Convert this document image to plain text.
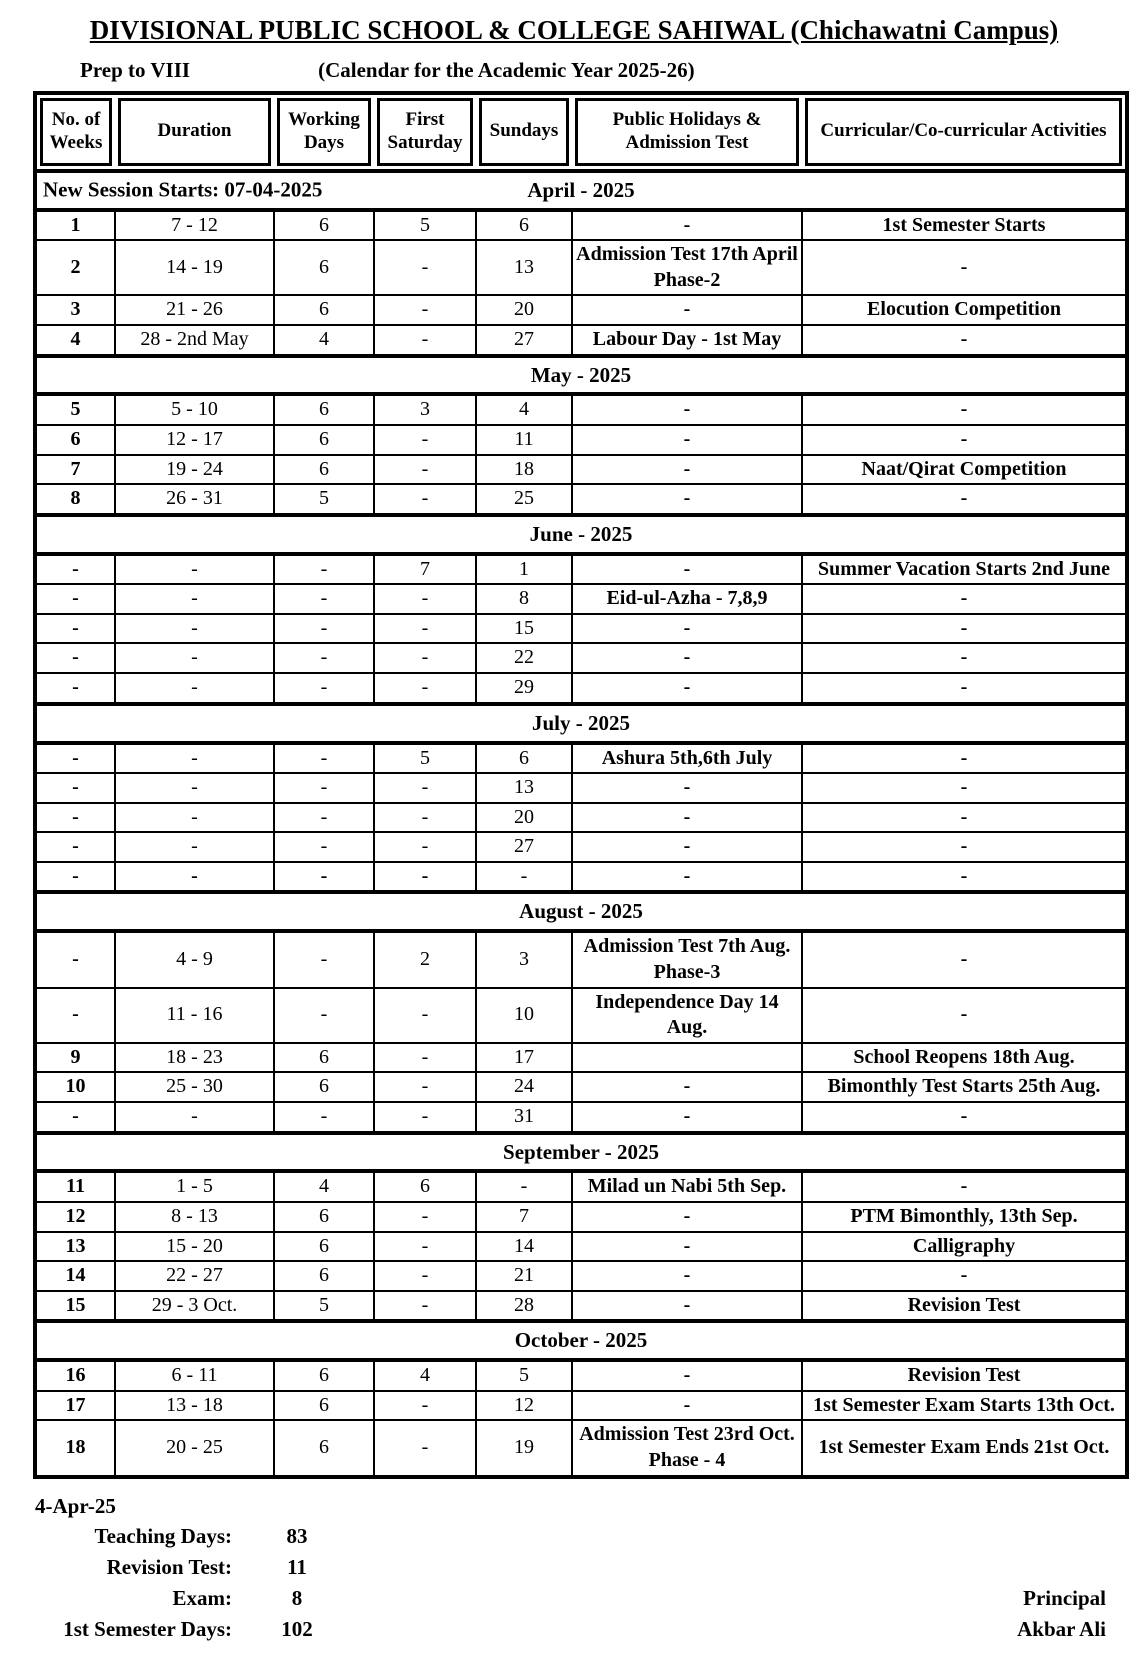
DIVISIONAL PUBLIC SCHOOL & COLLEGE SAHIWAL (Chichawatni Campus)
Prep to VIII	(Calendar for the Academic Year 2025-26)
No. of Weeks	Duration	Working Days	First Saturday	Sundays	Public Holidays & Admission Test	Curricular/Co-curricular Activities

New Session Starts: 07-04-2025 April - 2025						
1	7 - 12	6	5	6	-	1st Semester Starts
2	14 - 19	6	-	13	Admission Test 17th April Phase-2	-
3	21 - 26	6	-	20	-	Elocution Competition
4	28 - 2nd May	4	-	27	Labour Day - 1st May	-
May - 2025						
5	5 - 10	6	3	4	-	-
6	12 - 17	6	-	11	-	-
7	19 - 24	6	-	18	-	Naat/Qirat Competition
8	26 - 31	5	-	25	-	-
June - 2025						
-	-	-	7	1	-	Summer Vacation Starts 2nd June
-	-	-	-	8	Eid-ul-Azha - 7,8,9	-
-	-	-	-	15	-	-
-	-	-	-	22	-	-
-	-	-	-	29	-	-
July - 2025						
-	-	-	5	6	Ashura 5th,6th July	-
-	-	-	-	13	-	-
-	-	-	-	20	-	-
-	-	-	-	27	-	-
-	-	-	-	-	-	-
August - 2025						
-	4 - 9	-	2	3	Admission Test 7th Aug. Phase-3	-
-	11 - 16	-	-	10	Independence Day 14 Aug.	-
9	18 - 23	6	-	17		School Reopens 18th Aug.
10	25 - 30	6	-	24	-	Bimonthly Test Starts 25th Aug.
-	-	-	-	31	-	-
September - 2025						
11	1 - 5	4	6	-	Milad un Nabi 5th Sep.	-
12	8 - 13	6	-	7	-	PTM Bimonthly, 13th Sep.
13	15 - 20	6	-	14	-	Calligraphy
14	22 - 27	6	-	21	-	-
15	29 - 3 Oct.	5	-	28	-	Revision Test
October - 2025						
16	6 - 11	6	4	5	-	Revision Test
17	13 - 18	6	-	12	-	1st Semester Exam Starts 13th Oct.
18	20 - 25	6	-	19	Admission Test 23rd Oct. Phase - 4	1st Semester Exam Ends 21st Oct.
4-Apr-25
Teaching Days:	83
Revision Test:	11
Exam:	8
1st Semester Days:	102
Principal
Akbar Ali
